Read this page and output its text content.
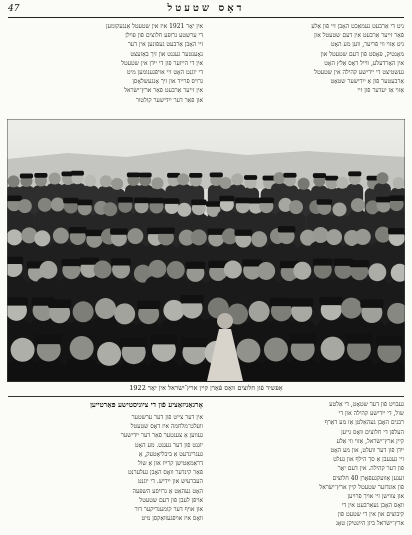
47	דאָס שטעטל
ניט די אַרבעט געמאַכט האָבן זיי פֿון אַלע
פֿאַר זייער אַרבעט אין דעם שטעטל און
ניט אַזוי ווי פֿריִער, ווען מע האָט
מאָנטיק, פּאָסט פֿון דעם שטעטל און
אין האָרדעלע, ווייל דאָס אַלץ האָט
געשטיצט די יידישע קהילה אין שטעטל
אַרבעטער פֿון אַ ייִדישער שטאָט
אַזוי אַז יעדער פֿון זיי
אין יאָר 1921 איז אין שטעטל אַנגעקומען
די ערשטע גרופּע חלוצים פֿון פּוילן
זיי האָבן אַרבעט געפֿונען אין דער
נאָענטער געגנט און זיך באַזעצט
אין די הייזער פֿון די ייִדן אין שטעטל
די יוגנט האָט זיי אויפֿגענומען מיט
גרויס פֿרייד און זיך אָנגעשלאָסן
אין זייער אַרבעט פֿאַר ארץ־ישׂראל
און פֿאַר דער ייִדישער קולטור
אָפּשיד פֿון חלוצים וואָס פֿאָרן קיין ארץ־ישׂראל אין יאָר 1922
אָרגאַניזאַציע פֿון די ציוניסטישע פּאַרטייען	געבויט פֿון דער שטאָט, די אַלטע
שול, די ייִדישע קהילה און די
רבנים האָבן געהאַלטן אַז מע דאַרף
העלפֿן די חלוצים וואָס גייען
קיין ארץ־ישׂראל, אַזוי ווי אַלע
ייִדן פֿון דער וועלט, און מע האָט
זיי געגעבן אַ סך הילף און געלט
פֿון דער קהילה. אין דעם יאָר
זענען אַוועקגעפֿאָרן 40 חלוצים
פֿון אונדזער שטעטל קיין ארץ־ישׂראל
און צווישן זיי אויך פֿרויען
וואָס האָבן געאַרבעט אין די
קיבוצים און אין די שטעט פֿון
ארץ־ישׂראל ביזן הײַנטיקן טאָג
אין דער צייט פֿון דער ערשטער
וועלט־מלחמה איז דאָס שטעטל
געווען אַ צענטער פֿאַר דער ייִדישער
יוגנט פֿון דער געגנט. מע האָט
געגרינדעט אַ ביבליאָטעק, אַ
דראַמאַטישן קרײַז און אַ שול
פֿאַר קינדער וואָס האָבן געלערנט
העברעיִש און ייִדיש. די יוגנט
האָט געהאַט אַ גרויסע השפּעה
אויפֿן לעבן פֿון דעם שטעטל
און אויף דער קומענדיקער דור
וואָס איז אויפֿגעוואַקסן מיט
